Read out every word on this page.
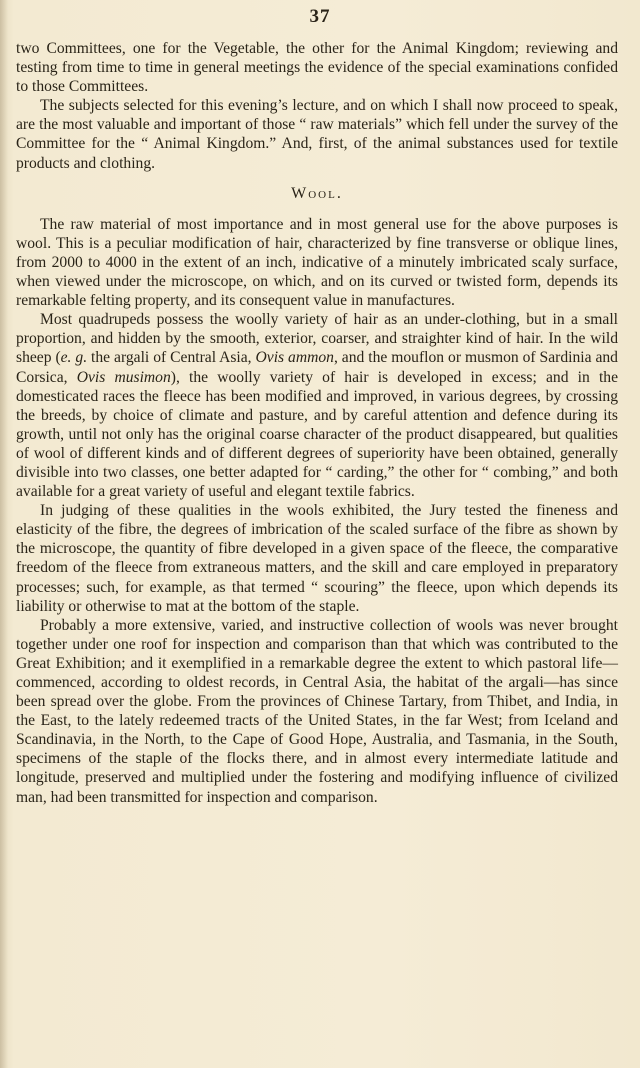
37

two Committees, one for the Vegetable, the other for the Animal Kingdom; reviewing and testing from time to time in general meetings the evidence of the special examinations confided to those Committees.

The subjects selected for this evening’s lecture, and on which I shall now proceed to speak, are the most valuable and important of those “ raw materials” which fell under the survey of the Committee for the “ Animal Kingdom.” And, first, of the animal substances used for textile products and clothing.

Wool.

The raw material of most importance and in most general use for the above purposes is wool. This is a peculiar modification of hair, characterized by fine transverse or oblique lines, from 2000 to 4000 in the extent of an inch, indicative of a minutely imbricated scaly surface, when viewed under the microscope, on which, and on its curved or twisted form, depends its remarkable felting property, and its consequent value in manufactures.

Most quadrupeds possess the woolly variety of hair as an under-clothing, but in a small proportion, and hidden by the smooth, exterior, coarser, and straighter kind of hair. In the wild sheep (e. g. the argali of Central Asia, Ovis ammon, and the mouflon or musmon of Sardinia and Corsica, Ovis musimon), the woolly variety of hair is developed in excess; and in the domesticated races the fleece has been modified and improved, in various degrees, by crossing the breeds, by choice of climate and pasture, and by careful attention and defence during its growth, until not only has the original coarse character of the product disappeared, but qualities of wool of different kinds and of different degrees of superiority have been obtained, generally divisible into two classes, one better adapted for “ carding,” the other for “ combing,” and both available for a great variety of useful and elegant textile fabrics.

In judging of these qualities in the wools exhibited, the Jury tested the fineness and elasticity of the fibre, the degrees of imbrication of the scaled surface of the fibre as shown by the microscope, the quantity of fibre developed in a given space of the fleece, the comparative freedom of the fleece from extraneous matters, and the skill and care employed in preparatory processes; such, for example, as that termed “ scouring” the fleece, upon which depends its liability or otherwise to mat at the bottom of the staple.

Probably a more extensive, varied, and instructive collection of wools was never brought together under one roof for inspection and comparison than that which was contributed to the Great Exhibition; and it exemplified in a remarkable degree the extent to which pastoral life—commenced, according to oldest records, in Central Asia, the habitat of the argali—has since been spread over the globe. From the provinces of Chinese Tartary, from Thibet, and India, in the East, to the lately redeemed tracts of the United States, in the far West; from Iceland and Scandinavia, in the North, to the Cape of Good Hope, Australia, and Tasmania, in the South, specimens of the staple of the flocks there, and in almost every intermediate latitude and longitude, preserved and multiplied under the fostering and modifying influence of civilized man, had been transmitted for inspection and comparison.
